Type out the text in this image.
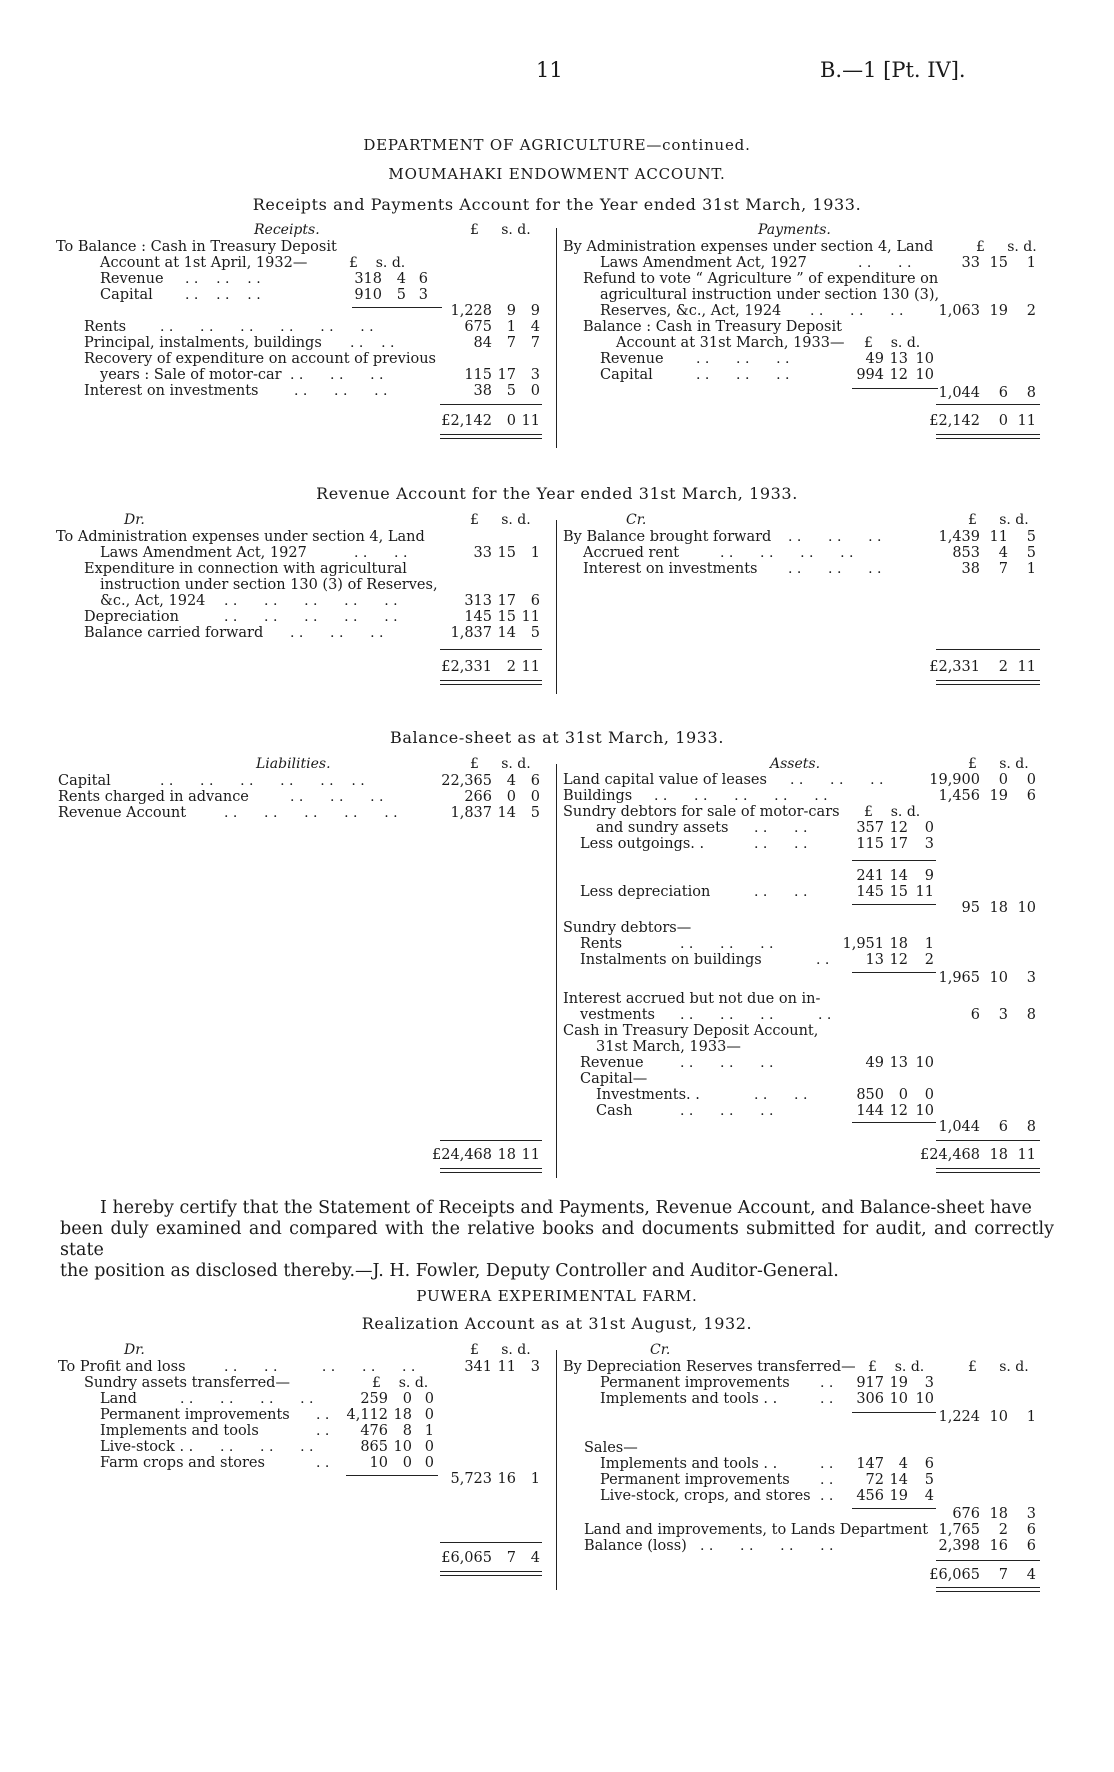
11	B.—1 [Pt. IV].
DEPARTMENT OF AGRICULTURE—continued.
MOUMAHAKI ENDOWMENT ACCOUNT.
Receipts and Payments Account for the Year ended 31st March, 1933.
Receipts.	£ s. d.	Payments.
To Balance : Cash in Treasury Deposit
Account at 1st April, 1932—	£ s. d.
Revenue . .    . .    . .	318	4 6
Capital . .    . .    . .	910	5 3
1,228	9	9
Rents . .      . .      . .      . .      . .      . .	675	1	4
Principal, instalments, buildings . .    . .	84	7	7
Recovery of expenditure on account of previous
years : Sale of motor-car . .      . .      . .	115 17	3
Interest on investments	. .      . .      . .	38	5	0
£2,142	0 11
£ s. d.
By Administration expenses under section 4, Land
Laws Amendment Act, 1927	. .      . .	33 15	1
Refund to vote “ Agriculture ” of expenditure on
agricultural instruction under section 130 (3),
Reserves, &c., Act, 1924 . .      . .      . .	1,063 19	2
Balance : Cash in Treasury Deposit
Account at 31st March, 1933— £ s. d.
Revenue . .      . .      . .	49 13 10
Capital	. .      . .      . .	994 12 10
1,044	6	8
£2,142	0 11
Revenue Account for the Year ended 31st March, 1933.
Dr.	£ s. d.	Cr.	£ s. d.
To Administration expenses under section 4, Land
Laws Amendment Act, 1927	. .      . .	33 15	1
Expenditure in connection with agricultural
instruction under section 130 (3) of Reserves,
&c., Act, 1924 . .      . .      . .      . .      . .	313 17	6
Depreciation	. .      . .      . .      . .      . .	145 15 11
Balance carried forward . .      . .      . .	1,837 14	5
£2,331	2 11
By Balance brought forward . .      . .      . .	1,439 11	5
Accrued rent	. .      . .      . .      . .	853	4	5
Interest on investments . .      . .      . .	38	7	1
£2,331	2 11
Balance-sheet as at 31st March, 1933.
Liabilities.	£ s. d.	Assets.	£ s. d.
Capital	. .      . .      . .      . .      . .    . .	22,365	4	6
Rents charged in advance	. .      . .      . .	266	0	0
Revenue Account	. .      . .      . .      . .      . .	1,837 14	5
£24,468 18 11
Land capital value of leases . .      . .      . .	19,900	0	0
Buildings . .      . .      . .      . .      . .	1,456 19	6
Sundry debtors for sale of motor-cars £ s. d.
and sundry assets . .      . .	357 12	0
Less outgoings. .	. .      . .	115 17	3
241 14	9
Less depreciation	. .      . .	145 15 11
95 18 10
Sundry debtors—
Rents	. .      . .      . .	1,951 18	1
Instalments on buildings	. .	13 12	2
1,965 10	3
Interest accrued but not due on in-
vestments . .      . .      . .          . .	6	3	8
Cash in Treasury Deposit Account,
31st March, 1933—
Revenue	. .      . .      . .	49 13 10
Capital—
Investments. .	. .      . .	850	0	0
Cash	. .      . .      . .	144 12 10
1,044	6	8
£24,468 18 11
I hereby certify that the Statement of Receipts and Payments, Revenue Account, and Balance-sheet have
been duly examined and compared with the relative books and documents submitted for audit, and correctly state
the position as disclosed thereby.—J. H. Fowler, Deputy Controller and Auditor-General.
PUWERA EXPERIMENTAL FARM.
Realization Account as at 31st August, 1932.
Dr.	£ s. d.	Cr.
To Profit and loss	. .      . .          . .      . .      . .	341 11	3
Sundry assets transferred—	£ s. d.
Land	. .      . .      . .      . .	259	0 0
Permanent improvements . .	4,112 18 0
Implements and tools	. .	476	8 1
Live-stock . . . .      . .      . .	865 10 0
Farm crops and stores	. .	10	0 0
5,723 16	1
£6,065	7	4
By Depreciation Reserves transferred— £ s. d.	£ s. d.
Permanent improvements . .	917 19	3
Implements and tools . .	. .	306 10 10
1,224 10	1
Sales—
Implements and tools . .	. .	147	4	6
Permanent improvements . .	72 14	5
Live-stock, crops, and stores . .	456 19	4
676 18	3
Land and improvements, to Lands Department 1,765	2	6
Balance (loss) . .      . .      . .      . .	2,398 16	6
£6,065	7	4
